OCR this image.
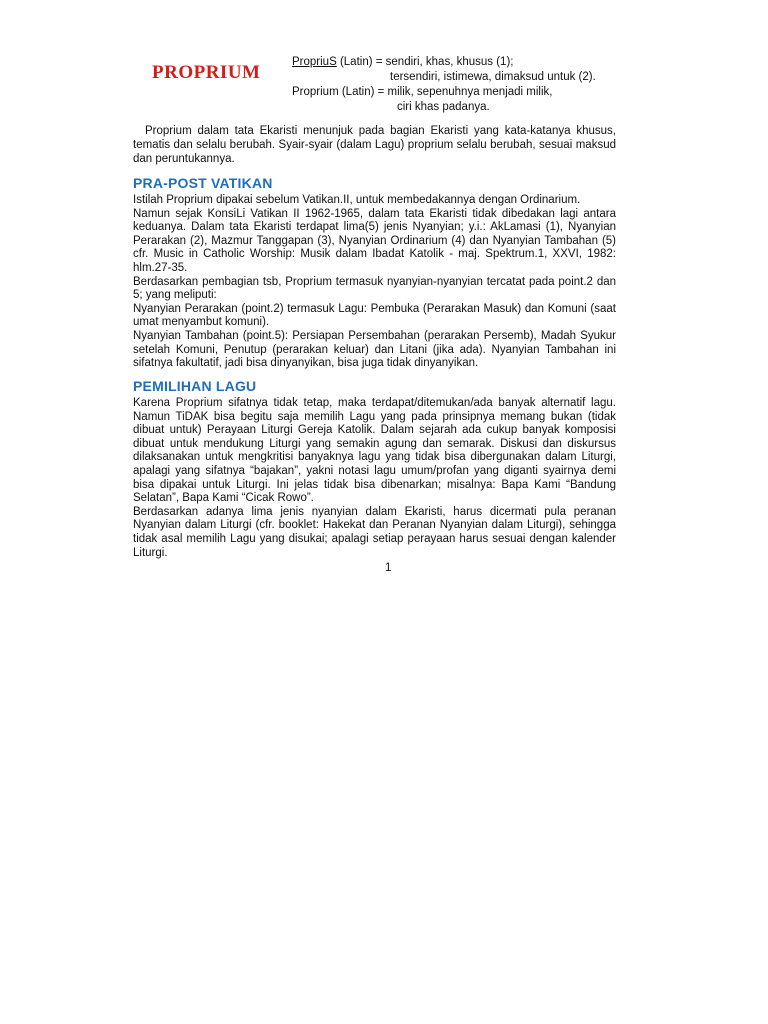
PROPRIUM	PropriuS (Latin) = sendiri, khas, khusus (1);
tersendiri, istimewa, dimaksud untuk (2).
Proprium (Latin) = milik, sepenuhnya menjadi milik,
ciri khas padanya.

Proprium dalam tata Ekaristi menunjuk pada bagian Ekaristi yang kata-katanya khusus, tematis dan selalu berubah. Syair-syair (dalam Lagu) proprium selalu berubah, sesuai maksud dan peruntukannya.

PRA-POST VATIKAN

Istilah Proprium dipakai sebelum Vatikan.II, untuk membedakannya dengan Ordinarium.

Namun sejak KonsiLi Vatikan II 1962-1965, dalam tata Ekaristi tidak dibedakan lagi antara keduanya. Dalam tata Ekaristi terdapat lima(5) jenis Nyanyian; y.i.: AkLamasi (1), Nyanyian Perarakan (2), Mazmur Tanggapan (3), Nyanyian Ordinarium (4) dan Nyanyian Tambahan (5) cfr. Music in Catholic Worship: Musik dalam Ibadat Katolik - maj. Spektrum.1, XXVI, 1982: hlm.27-35.

Berdasarkan pembagian tsb, Proprium termasuk nyanyian-nyanyian tercatat pada point.2 dan 5; yang meliputi:

Nyanyian Perarakan (point.2) termasuk Lagu: Pembuka (Perarakan Masuk) dan Komuni (saat umat menyambut komuni).

Nyanyian Tambahan (point.5): Persiapan Persembahan (perarakan Persemb), Madah Syukur setelah Komuni, Penutup (perarakan keluar) dan Litani (jika ada). Nyanyian Tambahan ini sifatnya fakultatif, jadi bisa dinyanyikan, bisa juga tidak dinyanyikan.

PEMILIHAN LAGU

Karena Proprium sifatnya tidak tetap, maka terdapat/ditemukan/ada banyak alternatif lagu. Namun TiDAK bisa begitu saja memilih Lagu yang pada prinsipnya memang bukan (tidak dibuat untuk) Perayaan Liturgi Gereja Katolik. Dalam sejarah ada cukup banyak komposisi dibuat untuk mendukung Liturgi yang semakin agung dan semarak. Diskusi dan diskursus dilaksanakan untuk mengkritisi banyaknya lagu yang tidak bisa dibergunakan dalam Liturgi, apalagi yang sifatnya “bajakan”, yakni notasi lagu umum/profan yang diganti syairnya demi bisa dipakai untuk Liturgi. Ini jelas tidak bisa dibenarkan; misalnya: Bapa Kami “Bandung Selatan”, Bapa Kami “Cicak Rowo”.

Berdasarkan adanya lima jenis nyanyian dalam Ekaristi, harus dicermati pula peranan Nyanyian dalam Liturgi (cfr. booklet: Hakekat dan Peranan Nyanyian dalam Liturgi), sehingga tidak asal memilih Lagu yang disukai; apalagi setiap perayaan harus sesuai dengan kalender Liturgi.

1
